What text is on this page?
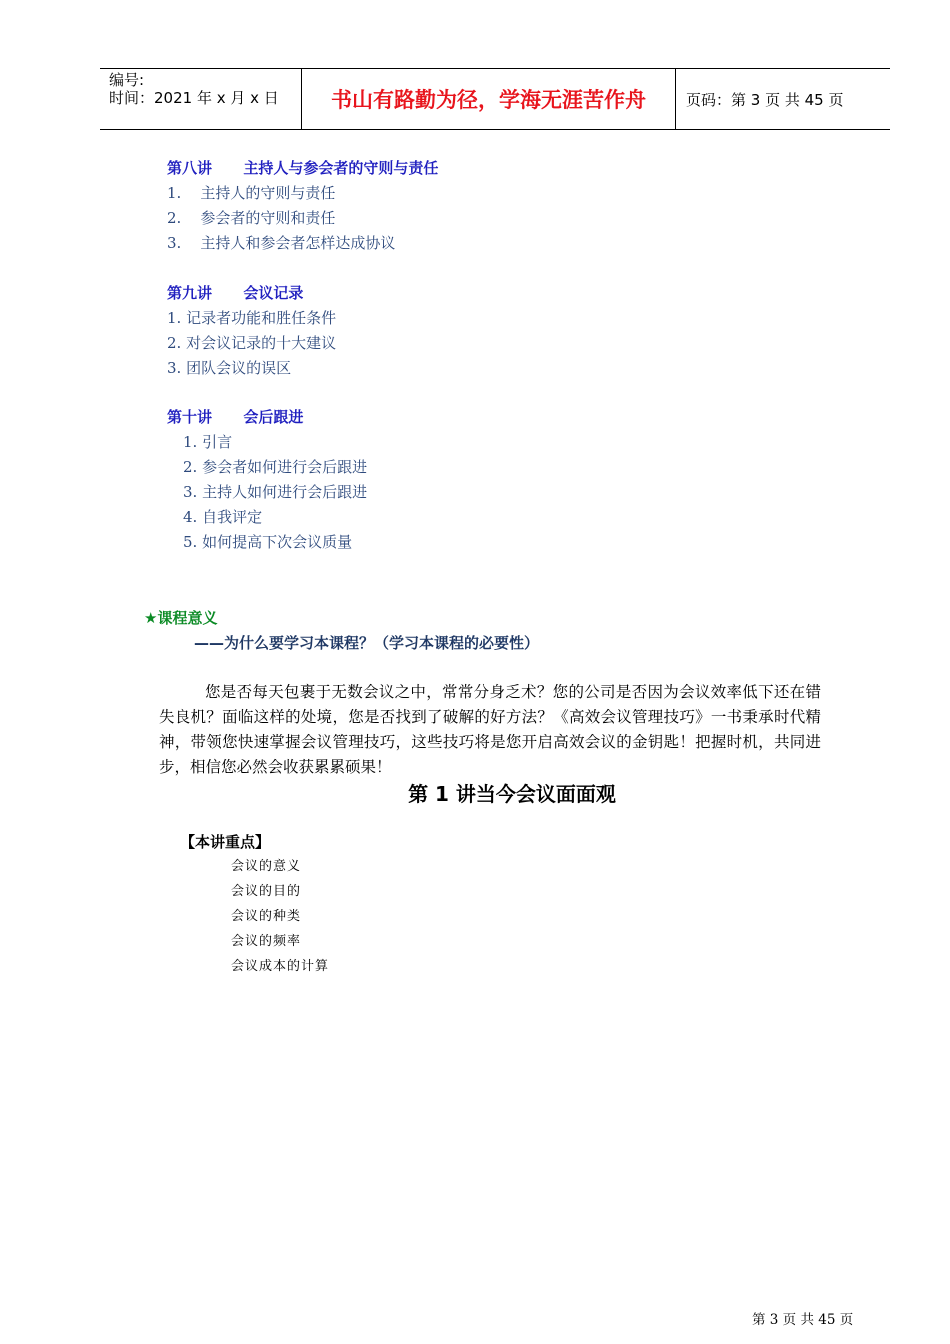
编号:
时间：2021 年 x 月 x 日	书山有路勤为径，学海无涯苦作舟	页码：第 3 页 共 45 页
第八讲      主持人与参会者的守则与责任
1.    主持人的守则与责任
2.    参会者的守则和责任
3.    主持人和参会者怎样达成协议
第九讲      会议记录
1. 记录者功能和胜任条件
2. 对会议记录的十大建议
3. 团队会议的误区
第十讲      会后跟进
1. 引言
2. 参会者如何进行会后跟进
3. 主持人如何进行会后跟进
4. 自我评定
5. 如何提高下次会议质量
★课程意义
——为什么要学习本课程？（学习本课程的必要性）
您是否每天包裹于无数会议之中，常常分身乏术？您的公司是否因为会议效率低下还在错失良机？面临这样的处境，您是否找到了破解的好方法？《高效会议管理技巧》一书秉承时代精神，带领您快速掌握会议管理技巧，这些技巧将是您开启高效会议的金钥匙！把握时机，共同进步，相信您必然会收获累累硕果！
第 1 讲当今会议面面观
【本讲重点】
会议的意义
会议的目的
会议的种类
会议的频率
会议成本的计算
第 3 页 共 45 页
